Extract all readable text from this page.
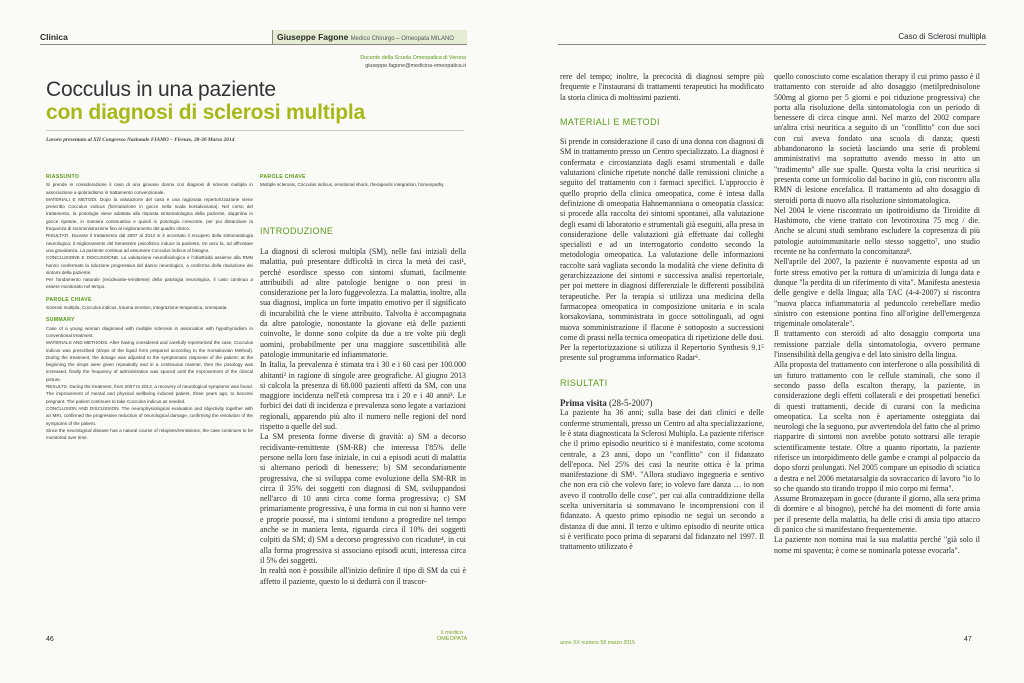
Clinica	Giuseppe Fagone Medico Chirurgo – Omeopata MILANO
Docente della Scuola Omeopatica di Verona
giuseppe.fagone@medicina-omeopatica.it
Cocculus in una paziente
con diagnosi di sclerosi multipla
Lavoro presentato al XII Congresso Nazionale FIAMO – Firenze, 28-30 Marzo 2014
RIASSUNTO

Si prende in considerazione il caso di una giovane donna con diagnosi di sclerosi multipla in associazione a ipotiroidismo in trattamento convenzionale.
MATERIALI E METODI. Dopo la valutazione del caso e una ragionata repertorizzazione viene prescritto Cocculus indicus (formulazione in gocce nella scala korsakoviana). Nel corso del trattamento, la posologia viene adattata alla risposta sintomatologica della paziente, dapprima in gocce ripetute, in maniera continuativa e quindi in posologia crescente, per poi distanziare la frequenza di somministrazione fino al miglioramento del quadro clinico.
RISULTATI. Durante il trattamento dal 2007 al 2013 si è accertato il recupero della sintomatologia neurologica; il miglioramento del benessere psicofisico induce la paziente, tre anni fa, ad affrontare una gravidanza. La paziente continua ad assumere Cocculus indicus al bisogno.
CONCLUSIONE E DISCUSSIONE. La valutazione neurofisiologica e l'obiettività assieme alla RMN hanno confermato la riduzione progressiva del danno neurologico, a conferma della risoluzione dei sintomi della paziente.
Per l'andamento naturale (recidivante-remittente) della patologia neurologica, il caso continua a essere monitorato nel tempo.

PAROLE CHIAVE

Sclerosi multipla, Cocculus indicus, trauma emotivo, integrazione terapeutica, omeopatia.

SUMMARY

Case of a young woman diagnosed with multiple sclerosis in association with hypothyroidism in conventional treatment.
MATERIALS AND METHODS. After having considered and carefully repertorized the case, Cocculus indicus was prescribed (drops of the liquid form prepared according to the Korsakovian Method). During the treatment, the dosage was adjusted to the symptomatic response of the patient: at the beginning the drops were given repeatedly and in a continuous manner, then the posology was increased, finally the frequency of administration was spaced until the improvement of the clinical picture.
RESULTS. During the treatment, from 2007 to 2013, a recovery of neurological symptoms was found. The improvement of mental and physical wellbeing induced patient, three years ago, to become pregnant. The patient continues to take Cocculus indicus as needed.
CONCLUSION AND DISCUSSION. The neurophysiological evaluation and objectivity together with an MRI, confirmed the progressive reduction of neurological damage, confirming the resolution of the symptoms of the patient.
Since the neurological disease has a natural course of relapses/remissions, the case continues to be monitored over time.

PAROLE CHIAVE

Multiple sclerosis, Cocculus indicus, emotional shock, therapeutic integration, homeopathy.

INTRODUZIONE
La diagnosi di sclerosi multipla (SM), nelle fasi iniziali della malattia, può presentare difficoltà in circa la metà dei casi¹, perché esordisce spesso con sintomi sfumati, facilmente attribuibili ad altre patologie benigne o non presi in considerazione per la loro fuggevolezza. La malattia, inoltre, alla sua diagnosi, implica un forte impatto emotivo per il significato di incurabilità che le viene attribuito. Talvolta è accompagnata da altre patologie, nonostante la giovane età delle pazienti coinvolte, le donne sono colpite da due a tre volte più degli uomini, probabilmente per una maggiore suscettibilità alle patologie immunitarie ed infiammatorie.
In Italia, la prevalenza è stimata tra i 30 e i 60 casi per 100.000 abitanti² in ragione di singole aree geografiche. Al giugno 2013 si calcola la presenza di 68.000 pazienti affetti da SM, con una maggiore incidenza nell'età compresa tra i 20 e i 40 anni³. Le forbici dei dati di incidenza e prevalenza sono legate a variazioni regionali, apparendo più alto il numero nelle regioni del nord rispetto a quelle del sud.
La SM presenta forme diverse di gravità: a) SM a decorso recidivante-remittente (SM-RR) che interessa l'85% delle persone nella loro fase iniziale, in cui a episodi acuti di malattia si alternano periodi di benessere; b) SM secondariamente progressiva, che si sviluppa come evoluzione della SM-RR in circa il 35% dei soggetti con diagnosi di SM, sviluppandosi nell'arco di 10 anni circa come forma progressiva; c) SM primariamente progressiva, è una forma in cui non si hanno vere e proprie poussé, ma i sintomi tendono a progredire nel tempo anche se in maniera lenta, riguarda circa il 10% dei soggetti colpiti da SM; d) SM a decorso progressivo con ricadute⁴, in cui alla forma progressiva si associano episodi acuti, interessa circa il 5% dei soggetti.
In realtà non è possibile all'inizio definire il tipo di SM da cui è affetto il paziente, questo lo si dedurrà con il trascor-
46
il medico OMEOPATA
Caso di Sclerosi multipla

rere del tempo; inoltre, la precocità di diagnosi sempre più frequente e l'instaurarsi di trattamenti terapeutici ha modificato la storia clinica di moltissimi pazienti.

MATERIALI E METODI

Si prende in considerazione il caso di una donna con diagnosi di SM in trattamento presso un Centro specializzato. La diagnosi è confermata e circostanziata dagli esami strumentali e dalle valutazioni cliniche ripetute nonché dalle remissioni cliniche a seguito del trattamento con i farmaci specifici. L'approccio è quello proprio della clinica omeopatica, come è intesa dalla definizione di omeopatia Hahnemanniana o omeopatia classica: si procede alla raccolta dei sintomi spontanei, alla valutazione degli esami di laboratorio e strumentali già eseguiti, alla presa in considerazione delle valutazioni già effettuate dai colleghi specialisti e ad un interrogatorio condotto secondo la metodologia omeopatica. La valutazione delle informazioni raccolte sarà vagliata secondo la modalità che viene definita di gerarchizzazione dei sintomi e successiva analisi repertoriale, per poi mettere in diagnosi differenziale le differenti possibilità terapeutiche. Per la terapia si utilizza una medicina della farmacopea omeopatica in composizione unitaria e in scala korsakoviana, somministrata in gocce sottolinguali, ad ogni nuova somministrazione il flacone è sottoposto a successioni come di prassi nella tecnica omeopatica di ripetizione delle dosi.
Per la repertorizzazione si utilizza il Repertorio Synthesis 9.1⁵ presente sul programma informatico Radar⁶.

RISULTATI
Prima visita (28-5-2007)

La paziente ha 36 anni; sulla base dei dati clinici e delle conferme strumentali, presso un Centro ad alta specializzazione, le è stata diagnosticata la Sclerosi Multipla. La paziente riferisce che il primo episodio neuritico si è manifestato, come scotoma centrale, a 23 anni, dopo un "conflitto" con il fidanzato dell'epoca. Nel 25% dei casi la neurite ottica è la prima manifestazione di SM¹. "Allora studiavo ingegneria e sentivo che non era ciò che volevo fare; io volevo fare danza … io non avevo il controllo delle cose", per cui alla contraddizione della scelta universitaria si sommavano le incomprensioni con il fidanzato. A questo primo episodio ne seguì un secondo a distanza di due anni. Il terzo e ultimo episodio di neurite ottica si è verificato poco prima di separarsi dal fidanzato nel 1997. Il trattamento utilizzato è

quello conosciuto come escalation therapy il cui primo passo è il trattamento con steroide ad alto dosaggio (metilprednisolone 500mg al giorno per 5 giorni e poi riduzione progressiva) che porta alla risoluzione della sintomatologia con un periodo di benessere di circa cinque anni. Nel marzo del 2002 compare un'altra crisi neuritica a seguito di un "conflitto" con due soci con cui aveva fondato una scuola di danza; questi abbandonarono la società lasciando una serie di problemi amministrativi ma soprattutto avendo messo in atto un "tradimento" alle sue spalle. Questa volta la crisi neuritica si presenta come un formicolio dal bacino in giù, con riscontro alla RMN di lesione encefalica. Il trattamento ad alto dosaggio di steroidi porta di nuovo alla risoluzione sintomatologica.
Nel 2004 le viene riscontrato un ipotiroidismo da Tiroidite di Hashimoto, che viene trattato con levotiroxina 75 mcg / die. Anche se alcuni studi sembrano escludere la copresenza di più patologie autoimmunitarie nello stesso soggetto⁷, uno studio recente ne ha confermato la concomitanza⁸.
Nell'aprile del 2007, la paziente è nuovamente esposta ad un forte stress emotivo per la rottura di un'amicizia di lunga data e dunque "la perdita di un riferimento di vita". Manifesta anestesia delle gengive e della lingua; alla TAC (4-4-2007) si riscontra "nuova placca infiammatoria al peduncolo cerebellare medio sinistro con estensione pontina fino all'origine dell'emergenza trigeminale omolaterale".
Il trattamento con steroidi ad alto dosaggio comporta una remissione parziale della sintomatologia, ovvero permane l'insensibilità della gengiva e del lato sinistro della lingua.
Alla proposta del trattamento con interferone o alla possibilità di un futuro trattamento con le cellule staminali, che sono il secondo passo della escalton therapy, la paziente, in considerazione degli effetti collaterali e dei prospettati benefici di questi trattamenti, decide di curarsi con la medicina omeopatica. La scelta non è apertamente osteggiata dai neurologi che la seguono, pur avvertendola del fatto che al primo riapparire di sintomi non avrebbe potuto sottrarsi alle terapie scientificamente testate. Oltre a quanto riportato, la paziente riferisce un intorpidimento delle gambe e crampi al polpaccio da dopo sforzi prolungati. Nel 2005 compare un episodio di sciatica a destra e nel 2006 metatarsalgia da sovraccarico di lavoro "io lo so che quando sto tirando troppo il mio corpo mi ferma".
Assume Bromazepam in gocce (durante il giorno, alla sera prima di dormire e al bisogno), perché ha dei momenti di forte ansia per il presente della malattia, ha delle crisi di ansia tipo attacco di panico che si manifestano frequentemente.
La paziente non nomina mai la sua malattia perché "già solo il nome mi spaventa; è come se nominarla potesse evocarla".
anno XX numero 58 marzo 2015	47
